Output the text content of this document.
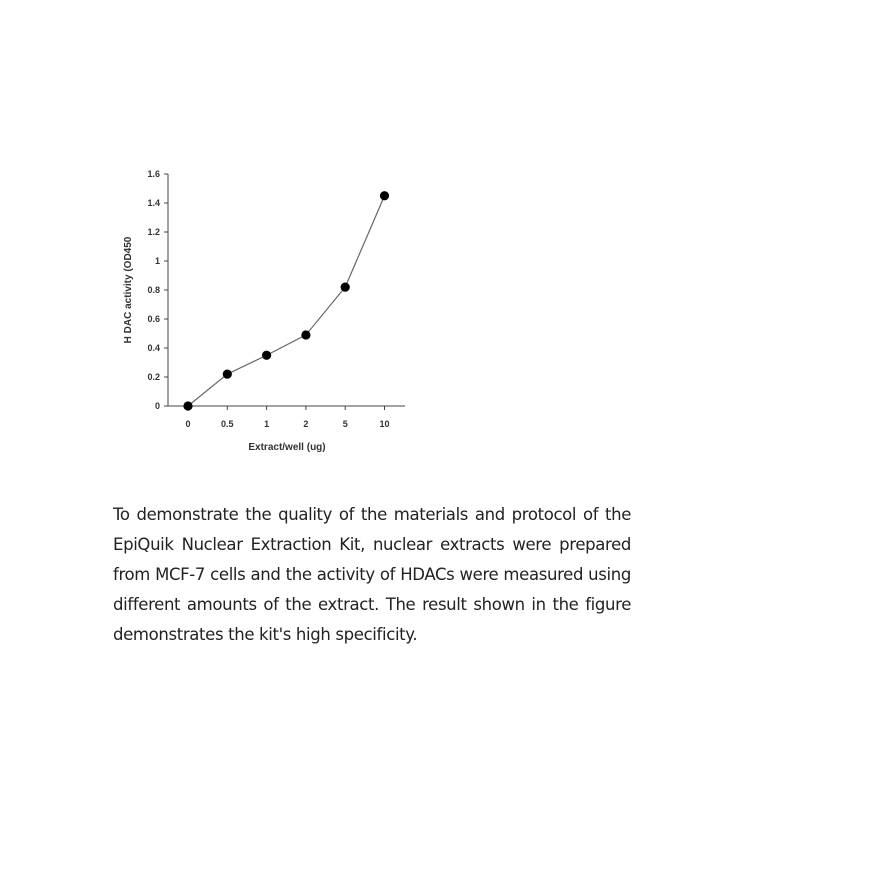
0
0.2
0.4
0.6
0.8
1
1.2
1.4
1.6
0	0.5	1	2	5	10
Extract/well (ug)
H DAC activity (OD450

To demonstrate the quality of the materials and protocol of the EpiQuik Nuclear Extraction Kit, nuclear extracts were prepared from MCF-7 cells and the activity of HDACs were measured using different amounts of the extract. The result shown in the figure demonstrates the kit's high specificity.
